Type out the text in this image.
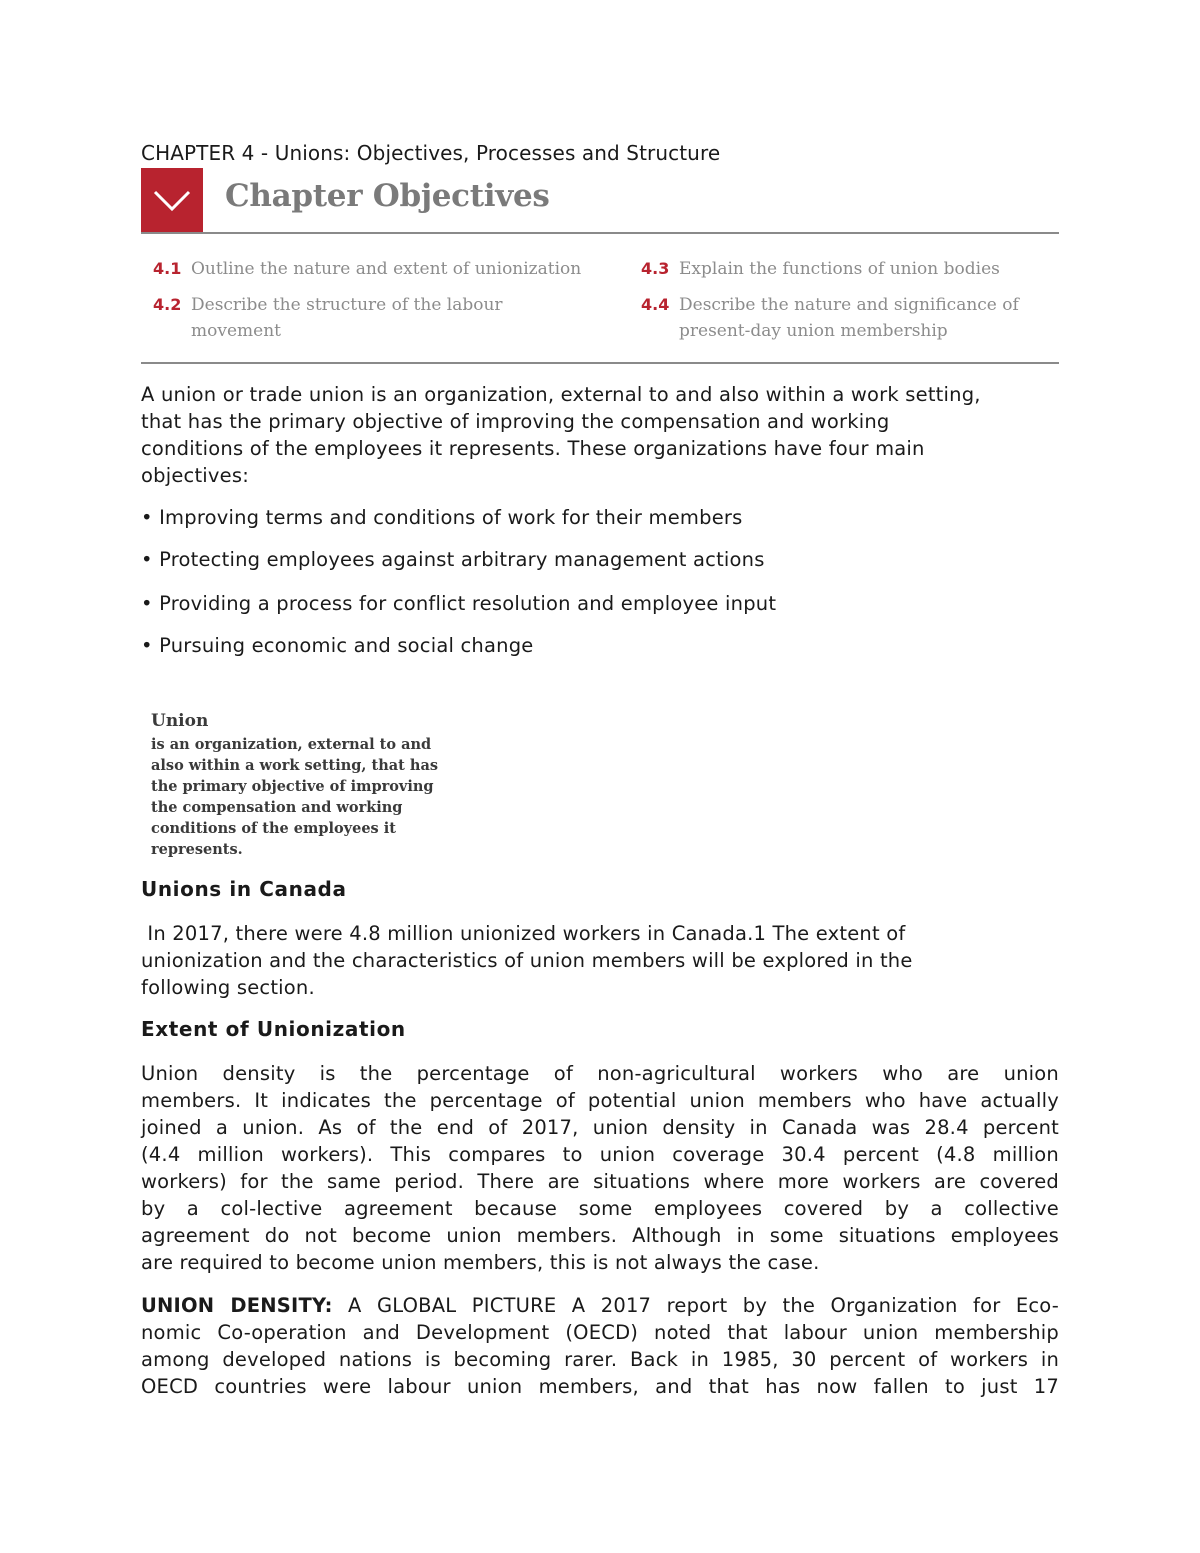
CHAPTER 4 - Unions: Objectives, Processes and Structure
Chapter Objectives
4.1 Outline the nature and extent of unionization
4.2 Describe the structure of the labour movement
4.3 Explain the functions of union bodies
4.4 Describe the nature and significance of present-day union membership
A union or trade union is an organization, external to and also within a work setting,
that has the primary objective of improving the compensation and working
conditions of the employees it represents. These organizations have four main
objectives:
• Improving terms and conditions of work for their members
• Protecting employees against arbitrary management actions
• Providing a process for conflict resolution and employee input
• Pursuing economic and social change
Union
is an organization, external to and
also within a work setting, that has
the primary objective of improving
the compensation and working
conditions of the employees it
represents.
Unions in Canada
In 2017, there were 4.8 million unionized workers in Canada.1 The extent of
unionization and the characteristics of union members will be explored in the
following section.
Extent of Unionization
Union density is the percentage of non-agricultural workers who are union
members. It indicates the percentage of potential union members who have actually
joined a union. As of the end of 2017, union density in Canada was 28.4 percent
(4.4 million workers). This compares to union coverage 30.4 percent (4.8 million
workers) for the same period. There are situations where more workers are covered
by a col-lective agreement because some employees covered by a collective
agreement do not become union members. Although in some situations employees
are required to become union members, this is not always the case.
UNION DENSITY: A GLOBAL PICTURE A 2017 report by the Organization for Eco-
nomic Co-operation and Development (OECD) noted that labour union membership
among developed nations is becoming rarer. Back in 1985, 30 percent of workers in
OECD countries were labour union members, and that has now fallen to just 17
